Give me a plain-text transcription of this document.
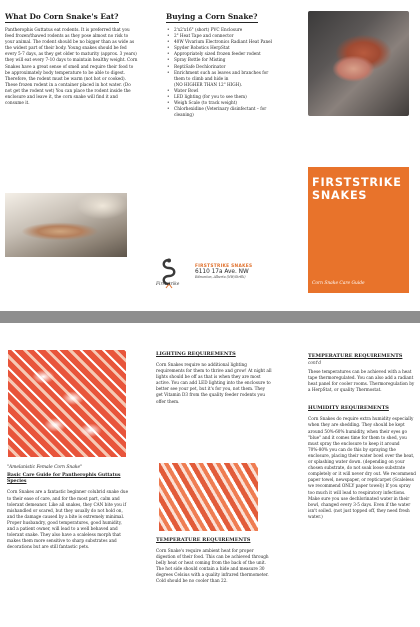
What Do Corn Snake's Eat?

Pantherophis Guttatus eat rodents. It is preferred that you feed frozen/thawed rodents as they pose almost no risk to your animal. The rodent should be no bigger than as wide as the widest part of their body. Young snakes should be fed every 5-7 days, as they get older to maturity (approx. 3 years) they will eat every 7-10 days to maintain healthy weight. Corn Snakes have a great sense of smell and require their food to be approximately body temperature to be able to digest. Therefore, the rodent must be warm (not hot or cooked). These frozen rodent in a container placed in hot water. (Do not get the rodent wet) You can place the rodent inside the enclosure and leave it, the corn snake will find it and consume it.

Buying a Corn Snake?
• 2'x2'x16" (short) PVC Enclosure
• 2" Heat Tape and connector
• 40W Vivarium Electronics Radiant Heat Panel
• Spyder Robotics HerpStat
• Appropriately sized frozen feeder rodent
• Spray Bottle for Misting
• ReptiSafe Dechlorinator
• Enrichment such as leaves and branches for them to climb and hide in
(NO HIGHER THAN 12" HIGH).
• Water Bowl
• LED lighting (for you to see them)
• Weigh Scale (to track weight)
• Chlorhexidine (Veterinary disinfectant – for cleaning)
Firststrike
FIRSTSTRIKE SNAKES
6110 17a Ave. NW
Edmonton, Alberta (NW/Strtlk)
FIRSTSTRIKE
SNAKES
Corn Snake Care Guide

"Amelanistic Female Corn Snake"

Basic Care Guide for Pantherophis Guttatus Species

Corn Snakes are a fantastic beginner colubrid snake due to their ease of care, and for the most part, calm and tolerant demeanor. Like all snakes, they CAN bite you if mishandled or scared, but they usually do not hold on, and the damage caused by a bite is extremely minimal. Proper husbandry, good temperatures, good humidity, and a patient owner, will lead to a well behaved and tolerant snake. They also have a scaleless morph that makes them more sensitive to sharp substrates and decorations but are still fantastic pets.

LIGHTING REQUIREMENTS

Corn Snakes require no additional lighting requirements for them to thrive and grow! At night all lights should be off as that is when they are most active. You can add LED lighting into the enclosure to better see your pet, but it's for you, not them. They get Vitamin D3 from the quality feeder rodents you offer them.

TEMPERATURE REQUIREMENTS

Corn Snake's require ambient heat for proper digestion of their food. This can be achieved through belly heat or heat coming from the back of the unit. The hot side should contain a hide and measure 30 degrees Celsius with a quality infrared thermometer. Cold should be no cooler than 22.

TEMPERATURE REQUIREMENTS

cont'd

These temperatures can be achieved with a heat tape thermoregulated. You can also add a radiant heat panel for cooler rooms. Thermoregulation by a HerpStat, or quality Thermostat.

HUMIDITY REQUIREMENTS

Corn Snakes do require extra humidity especially when they are shedding. They should be kept around 50%-60% humidity, when their eyes go "blue" and it comes time for them to shed, you must spray the enclosure to keep it around 70%-80% you can do this by spraying the enclosure, placing their water bowl over the heat, or splashing water down. (depending on your chosen substrate, do not soak loose substrate completely or it will never dry out. We recommend paper towel, newspaper, or repticarpet (Scaleless we recommend ONLY paper towel)) If you spray too much it will lead to respiratory infections. Make sure you use dechlorinated water in their bowl, changed every 3-5 days. Even if the water isn't soiled. (not just topped off, they need fresh water.)
